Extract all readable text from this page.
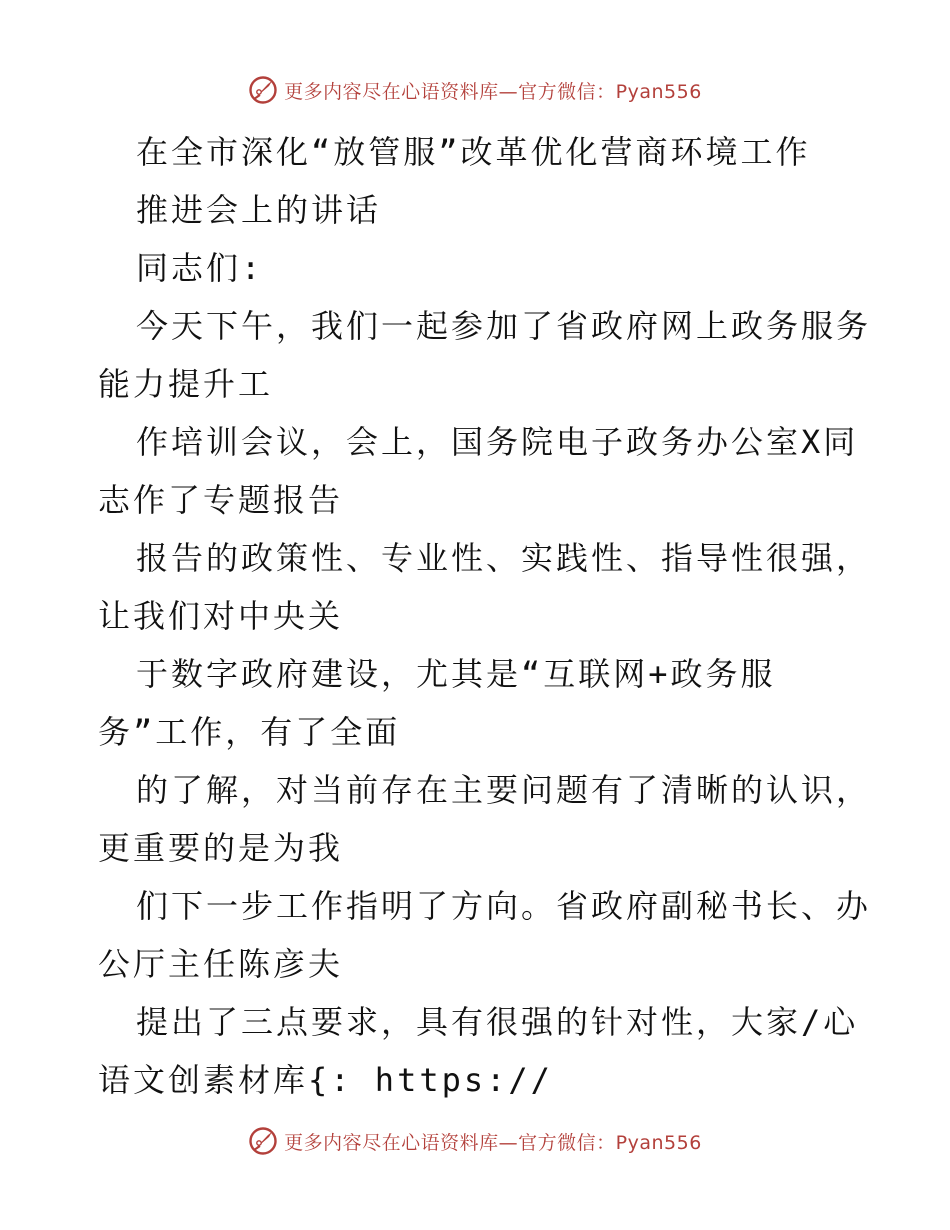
更多内容尽在心语资料库—官方微信：Pyan556
在全市深化“放管服”改革优化营商环境工作
推进会上的讲话
同志们:
今天下午，我们一起参加了省政府网上政务服务
能力提升工
作培训会议，会上，国务院电子政务办公室X同
志作了专题报告
报告的政策性、专业性、实践性、指导性很强，
让我们对中央关
于数字政府建设，尤其是“互联网+政务服
务”工作，有了全面
的了解，对当前存在主要问题有了清晰的认识，
更重要的是为我
们下一步工作指明了方向。省政府副秘书长、办
公厅主任陈彦夫
提出了三点要求，具有很强的针对性，大家/心
语文创素材库{: https://
更多内容尽在心语资料库—官方微信：Pyan556
